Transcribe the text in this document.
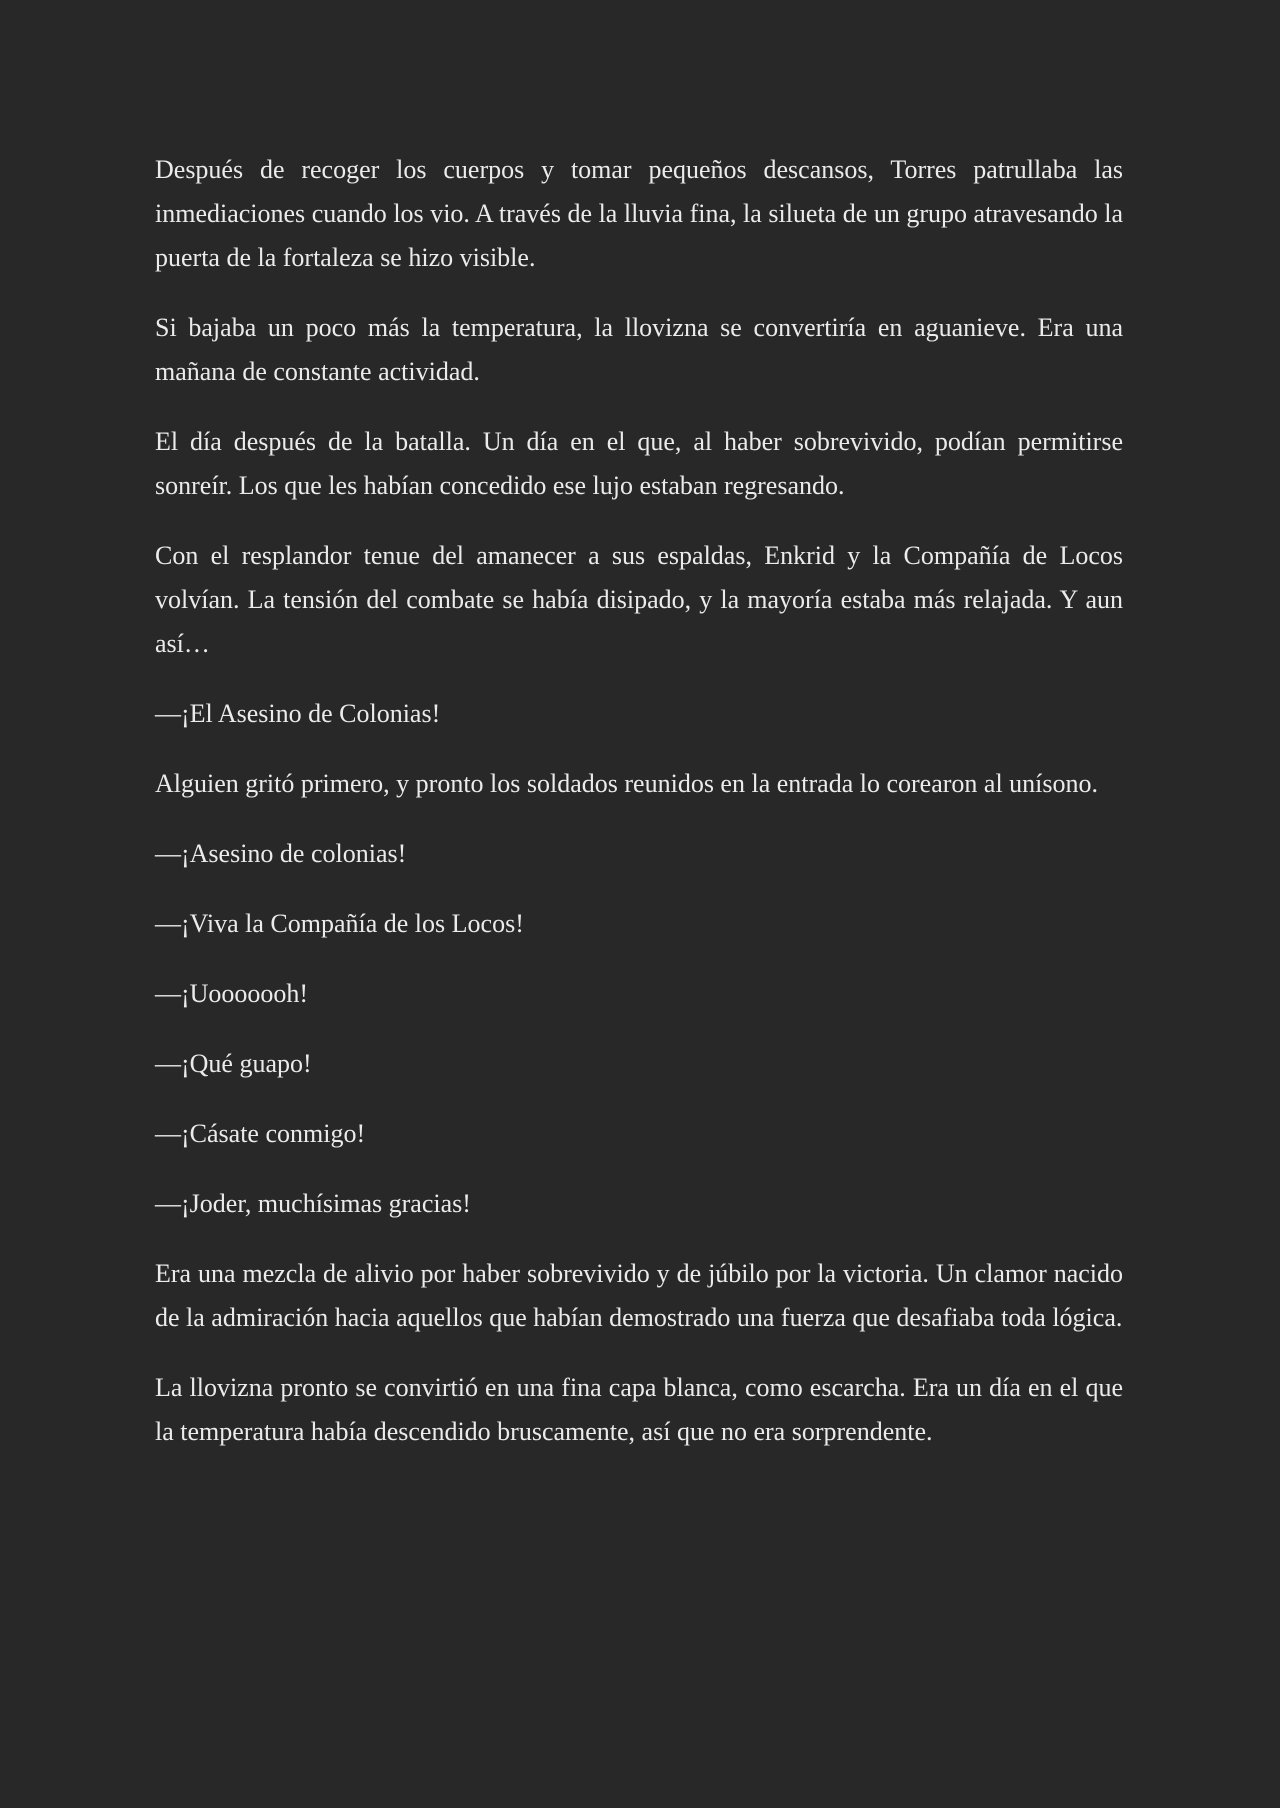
Después de recoger los cuerpos y tomar pequeños descansos, Torres patrullaba las inmediaciones cuando los vio. A través de la lluvia fina, la silueta de un grupo atravesando la puerta de la fortaleza se hizo visible.

Si bajaba un poco más la temperatura, la llovizna se convertiría en aguanieve. Era una mañana de constante actividad.

El día después de la batalla. Un día en el que, al haber sobrevivido, podían permitirse sonreír. Los que les habían concedido ese lujo estaban regresando.

Con el resplandor tenue del amanecer a sus espaldas, Enkrid y la Compañía de Locos volvían. La tensión del combate se había disipado, y la mayoría estaba más relajada. Y aun así…

—¡El Asesino de Colonias!

Alguien gritó primero, y pronto los soldados reunidos en la entrada lo corearon al unísono.

—¡Asesino de colonias!

—¡Viva la Compañía de los Locos!

—¡Uooooooh!

—¡Qué guapo!

—¡Cásate conmigo!

—¡Joder, muchísimas gracias!

Era una mezcla de alivio por haber sobrevivido y de júbilo por la victoria. Un clamor nacido de la admiración hacia aquellos que habían demostrado una fuerza que desafiaba toda lógica.

La llovizna pronto se convirtió en una fina capa blanca, como escarcha. Era un día en el que la temperatura había descendido bruscamente, así que no era sorprendente.
